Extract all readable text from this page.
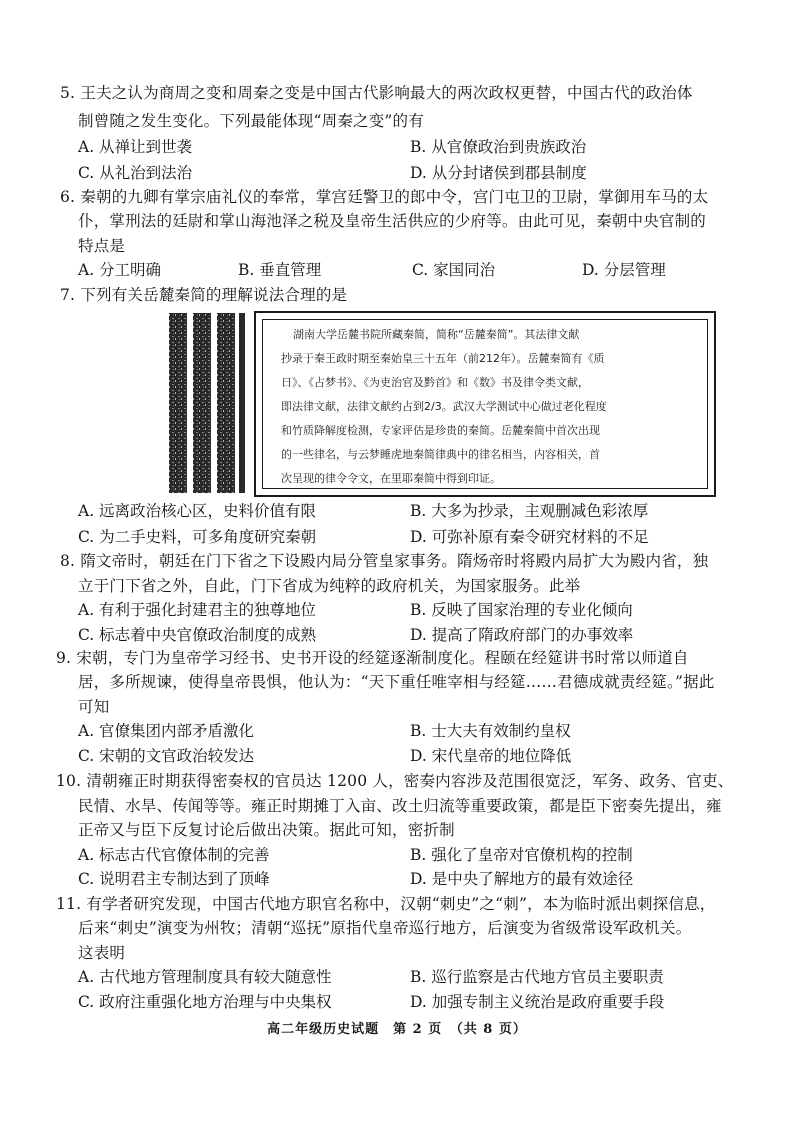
5. 王夫之认为商周之变和周秦之变是中国古代影响最大的两次政权更替，中国古代的政治体
制曾随之发生变化。下列最能体现“周秦之变”的有
A. 从禅让到世袭	B. 从官僚政治到贵族政治
C. 从礼治到法治	D. 从分封诸侯到郡县制度
6. 秦朝的九卿有掌宗庙礼仪的奉常，掌宫廷警卫的郎中令，宫门屯卫的卫尉，掌御用车马的太
仆，掌刑法的廷尉和掌山海池泽之税及皇帝生活供应的少府等。由此可见，秦朝中央官制的
特点是
A. 分工明确	B. 垂直管理	C. 家国同治	D. 分层管理
7. 下列有关岳麓秦简的理解说法合理的是
湖南大学岳麓书院所藏秦简，简称“岳麓秦简”。其法律文献
抄录于秦王政时期至秦始皇三十五年（前212年）。岳麓秦简有《质
日》、《占梦书》、《为吏治官及黔首》和《数》书及律令类文献，
即法律文献，法律文献约占到2/3。武汉大学测试中心做过老化程度
和竹质降解度检测，专家评估是珍贵的秦简。岳麓秦简中首次出现
的一些律名，与云梦睡虎地秦简律典中的律名相当，内容相关，首
次呈现的律令令文，在里耶秦简中得到印证。
A. 远离政治核心区，史料价值有限	B. 大多为抄录，主观删减色彩浓厚
C. 为二手史料，可多角度研究秦朝	D. 可弥补原有秦令研究材料的不足
8. 隋文帝时，朝廷在门下省之下设殿内局分管皇家事务。隋炀帝时将殿内局扩大为殿内省，独
立于门下省之外，自此，门下省成为纯粹的政府机关，为国家服务。此举
A. 有利于强化封建君主的独尊地位	B. 反映了国家治理的专业化倾向
C. 标志着中央官僚政治制度的成熟	D. 提高了隋政府部门的办事效率
9. 宋朝，专门为皇帝学习经书、史书开设的经筵逐渐制度化。程颐在经筵讲书时常以师道自
居，多所规谏，使得皇帝畏惧，他认为：“天下重任唯宰相与经筵……君德成就责经筵。”据此
可知
A. 官僚集团内部矛盾激化	B. 士大夫有效制约皇权
C. 宋朝的文官政治较发达	D. 宋代皇帝的地位降低
10. 清朝雍正时期获得密奏权的官员达 1200 人，密奏内容涉及范围很宽泛，军务、政务、官吏、
民情、水旱、传闻等等。雍正时期摊丁入亩、改土归流等重要政策，都是臣下密奏先提出，雍
正帝又与臣下反复讨论后做出决策。据此可知，密折制
A. 标志古代官僚体制的完善	B. 强化了皇帝对官僚机构的控制
C. 说明君主专制达到了顶峰	D. 是中央了解地方的最有效途径
11. 有学者研究发现，中国古代地方职官名称中，汉朝“刺史”之“刺”，本为临时派出刺探信息，
后来“刺史”演变为州牧；清朝“巡抚”原指代皇帝巡行地方，后演变为省级常设军政机关。
这表明
A. 古代地方管理制度具有较大随意性	B. 巡行监察是古代地方官员主要职责
C. 政府注重强化地方治理与中央集权	D. 加强专制主义统治是政府重要手段
高二年级历史试题　第 2 页　（共 8 页）
